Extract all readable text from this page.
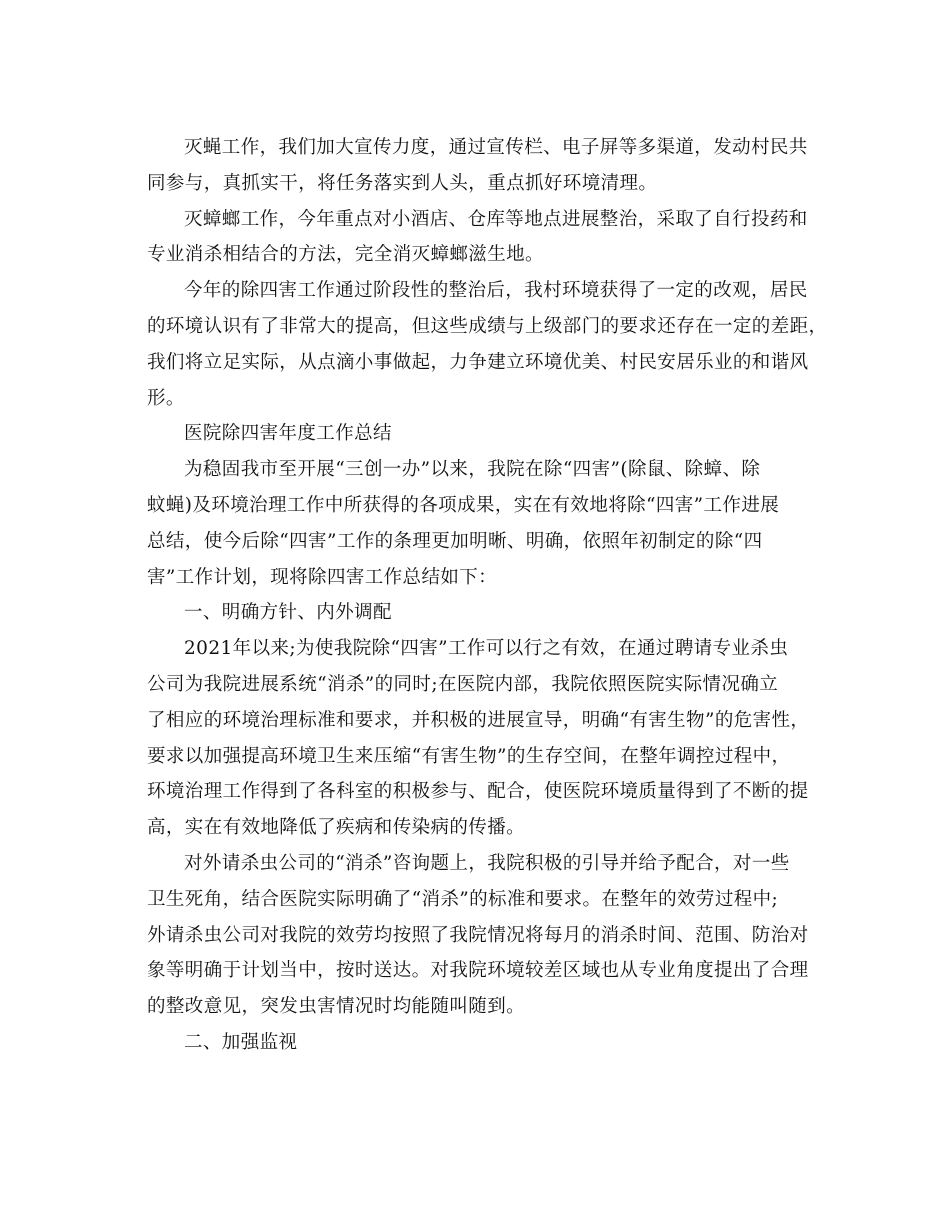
灭蝇工作，我们加大宣传力度，通过宣传栏、电子屏等多渠道，发动村民共
同参与，真抓实干，将任务落实到人头，重点抓好环境清理。
灭蟑螂工作，今年重点对小酒店、仓库等地点进展整治，采取了自行投药和
专业消杀相结合的方法，完全消灭蟑螂滋生地。
今年的除四害工作通过阶段性的整治后，我村环境获得了一定的改观，居民
的环境认识有了非常大的提高，但这些成绩与上级部门的要求还存在一定的差距，
我们将立足实际，从点滴小事做起，力争建立环境优美、村民安居乐业的和谐风
形。
医院除四害年度工作总结
为稳固我市至开展“三创一办”以来，我院在除“四害”(除鼠、除蟑、除
蚊蝇)及环境治理工作中所获得的各项成果，实在有效地将除“四害”工作进展
总结，使今后除“四害”工作的条理更加明晰、明确，依照年初制定的除“四
害”工作计划，现将除四害工作总结如下：
一、明确方针、内外调配
2021年以来;为使我院除“四害”工作可以行之有效，在通过聘请专业杀虫
公司为我院进展系统“消杀”的同时;在医院内部，我院依照医院实际情况确立
了相应的环境治理标准和要求，并积极的进展宣导，明确“有害生物”的危害性，
要求以加强提高环境卫生来压缩“有害生物”的生存空间，在整年调控过程中，
环境治理工作得到了各科室的积极参与、配合，使医院环境质量得到了不断的提
高，实在有效地降低了疾病和传染病的传播。
对外请杀虫公司的“消杀”咨询题上，我院积极的引导并给予配合，对一些
卫生死角，结合医院实际明确了“消杀”的标准和要求。在整年的效劳过程中;
外请杀虫公司对我院的效劳均按照了我院情况将每月的消杀时间、范围、防治对
象等明确于计划当中，按时送达。对我院环境较差区域也从专业角度提出了合理
的整改意见，突发虫害情况时均能随叫随到。
二、加强监视
